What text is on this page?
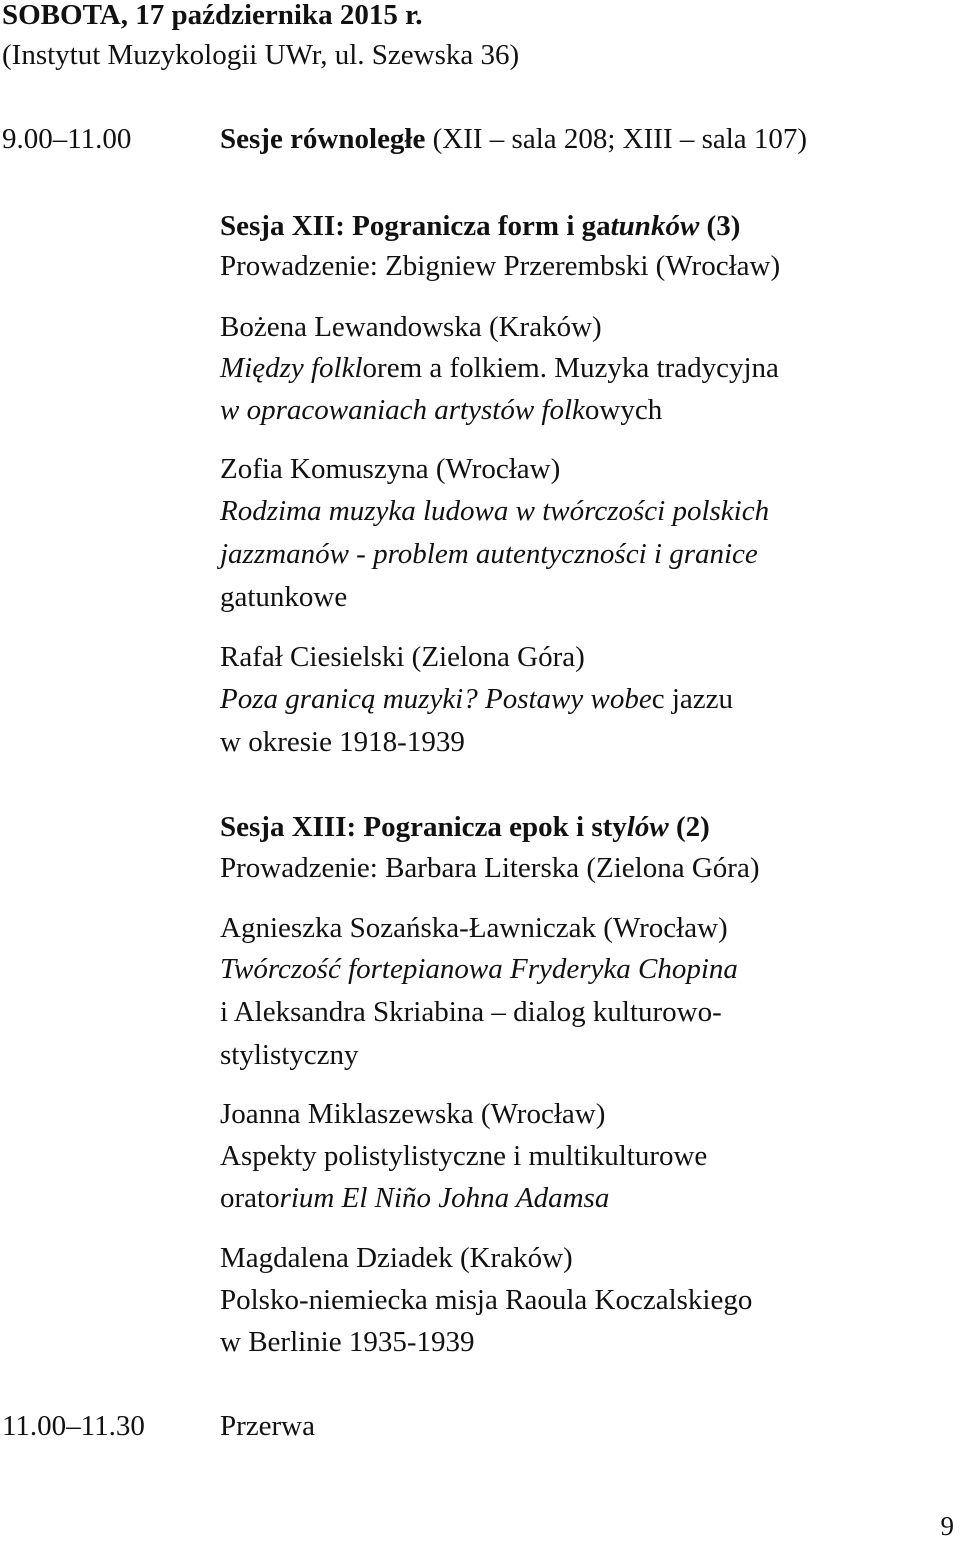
SOBOTA, 17 października 2015 r.
(Instytut Muzykologii UWr, ul. Szewska 36)
9.00–11.00	Sesje równoległe (XII – sala 208; XIII – sala 107)
Sesja XII: Pogranicza form i gatunków (3)
Prowadzenie: Zbigniew Przerembski (Wrocław)
Bożena Lewandowska (Kraków)
Między folklorem a folkiem. Muzyka tradycyjna
w opracowaniach artystów folkowych
Zofia Komuszyna (Wrocław)
Rodzima muzyka ludowa w twórczości polskich
jazzmanów - problem autentyczności i granice
gatunkowe
Rafał Ciesielski (Zielona Góra)
Poza granicą muzyki? Postawy wobec jazzu
w okresie 1918-1939
Sesja XIII: Pogranicza epok i stylów (2)
Prowadzenie: Barbara Literska (Zielona Góra)
Agnieszka Sozańska-Ławniczak (Wrocław)
Twórczość fortepianowa Fryderyka Chopina
i Aleksandra Skriabina – dialog kulturowo-
stylistyczny
Joanna Miklaszewska (Wrocław)
Aspekty polistylistyczne i multikulturowe
oratorium El Niño Johna Adamsa
Magdalena Dziadek (Kraków)
Polsko-niemiecka misja Raoula Koczalskiego
w Berlinie 1935-1939
11.00–11.30	Przerwa
9
